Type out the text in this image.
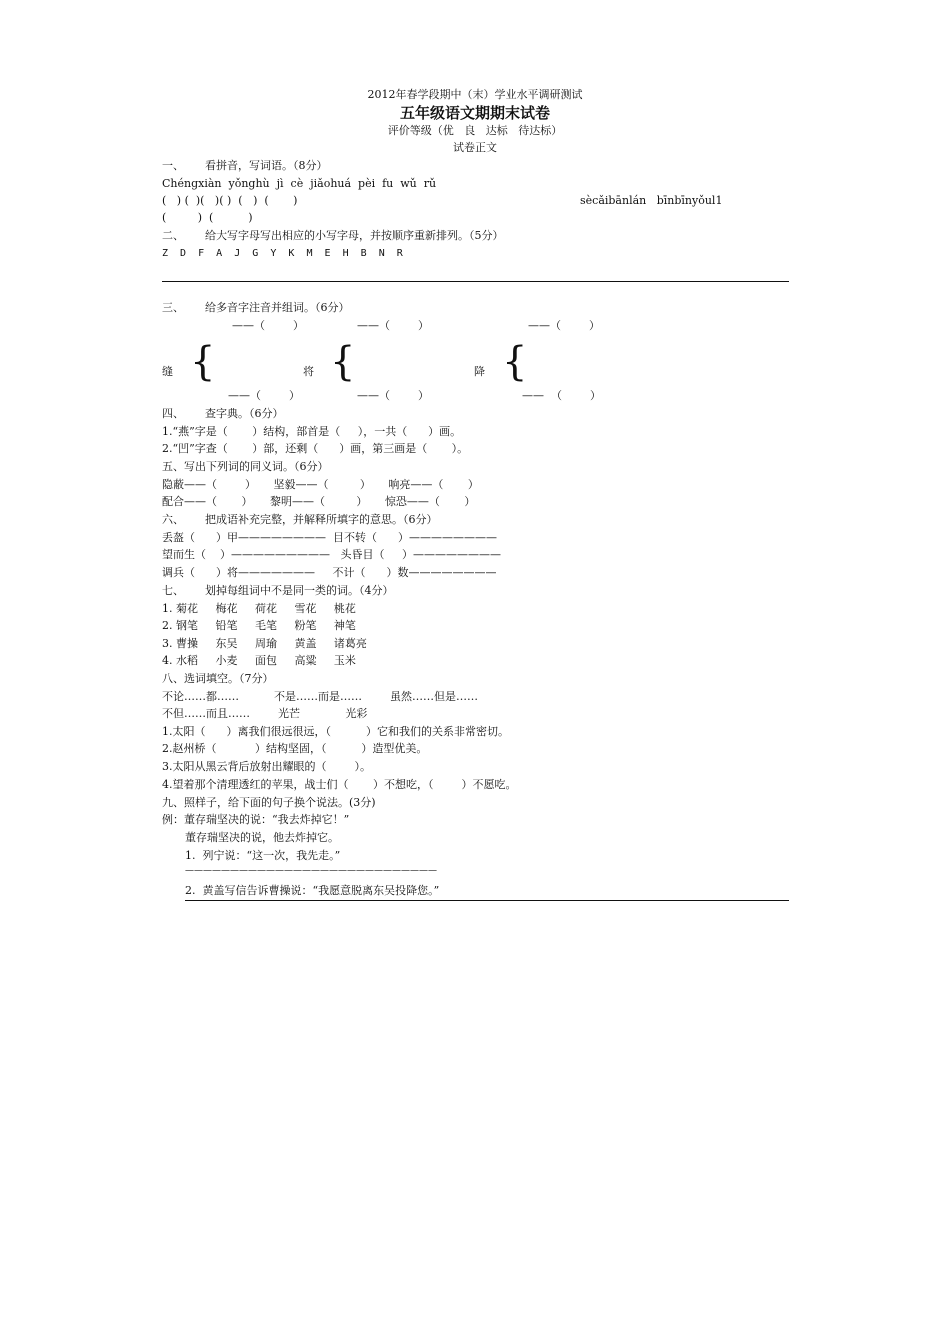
2012年春学段期中（末）学业水平调研测试
五年级语文期期末试卷
评价等级（优   良   达标   待达标）
试卷正文
一、      看拼音，写词语。（8分）
Chéngxiàn  yǒnghù  jì  cè  jiǎohuá  pèi  fu  wǔ  rǔ
(   ) (  )(   )( )  (   )  (       )	sècǎibānlán   bīnbīnyǒul1
(         )  (          )
二、      给大写字母写出相应的小写字母，并按顺序重新排列。（5分）
Z  D  F  A  J  G  Y  K  M  E  H  B  N  R
三、      给多音字注音并组词。（6分）
——（        ）	——（        ）	——（        ）
缝 {	将 {	降 {
——（        ）	——（        ）	——  （        ）
四、      查字典。（6分）
1.“燕”字是（       ）结构，部首是（     ），一共（      ）画。
2.“凹”字查（       ）部，还剩（      ）画，第三画是（       ）。
五、写出下列词的同义词。（6分）
隐蔽——（        ）     坚毅——（         ）     响亮——（       ）
配合——（       ）     黎明——（         ）     惊恐——（       ）
六、      把成语补充完整，并解释所填字的意思。（6分）
丢盔（      ）甲————————  目不转（      ）————————
望而生（    ）—————————   头昏目（     ）————————
调兵（      ）将———————     不计（      ）数————————
七、      划掉每组词中不是同一类的词。（4分）
1. 菊花     梅花     荷花     雪花     桃花
2. 钢笔     铅笔     毛笔     粉笔     神笔
3. 曹操     东吴     周瑜     黄盖     诸葛亮
4. 水稻     小麦     面包     高粱     玉米
八、选词填空。（7分）
不论……都……          不是……而是……        虽然……但是……
不但……而且……        光芒             光彩
1.太阳（      ）离我们很远很远，（          ）它和我们的关系非常密切。
2.赵州桥（           ）结构坚固，（          ）造型优美。
3.太阳从黑云背后放射出耀眼的（        ）。
4.望着那个清理透红的苹果，战士们（       ）不想吃，（        ）不愿吃。
九、照样子，给下面的句子换个说法。(3分)
例：董存瑞坚决的说：“我去炸掉它！”
董存瑞坚决的说，他去炸掉它。
1.  列宁说：“这一次，我先走。”
————————————————————————————
2.  黄盖写信告诉曹操说：“我愿意脱离东吴投降您。”
